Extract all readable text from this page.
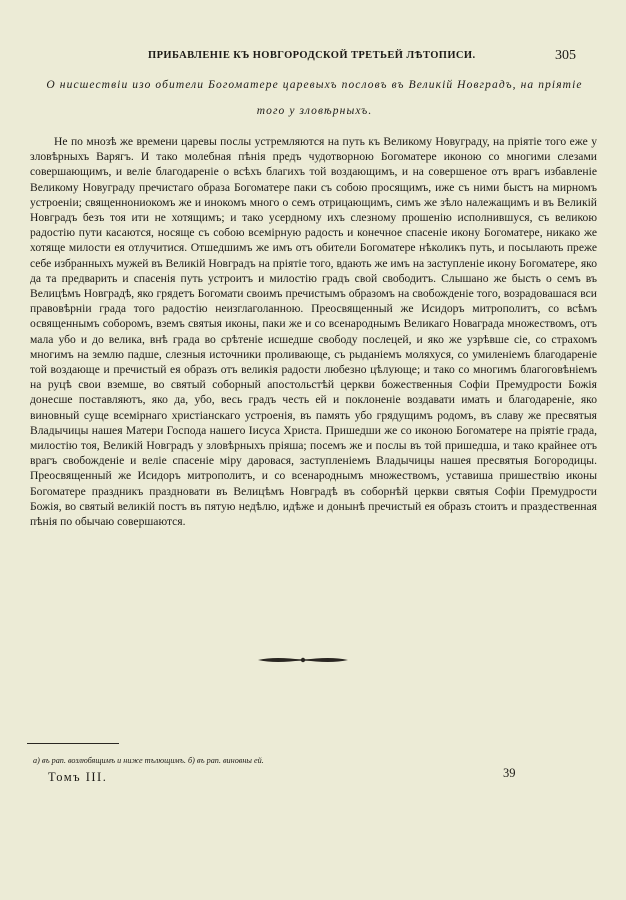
ПРИБАВЛЕНІЕ КЪ НОВГОРОДСКОЙ ТРЕТЬЕЙ ЛѢТОПИСИ.	305
О нисшествіи изо обители Богоматере царевыхъ пословъ въ Великій Новградъ, на пріятіе того у зловѣрныхъ.

Не по мнозѣ же времени царевы послы устремляются на путь къ Великому Новуграду, на пріятіе того еже у зловѣрныхъ Варягъ. И тако молебная пѣнія предъ чудотворною Богоматере иконою со многими слезами совершающимъ, и веліе благодареніе о всѣхъ благихъ той воздающимъ, и на совершеное отъ врагъ избавленіе Великому Новуграду пречистаго образа Богоматере паки съ собою просящимъ, иже съ ними быстъ на мирномъ устроеніи; священнониокомъ же и инокомъ много о семъ отрицающимъ, симъ же зѣло належащимъ и въ Великій Новградъ безъ тоя ити не хотящимъ; и тако усердному ихъ слезному прошенію исполнившуся, съ великою радостію пути касаются, носяще съ собою всемірную радость и конечное спасеніе икону Богоматере, никако же хотящe милости ея отлучитися. Отшедшимъ же имъ отъ обители Богоматере нѣколикъ путь, и посылають преже себе избранныхъ мужей въ Великій Новградъ на пріятіе того, вдають же имъ на заступленіе икону Богоматере, яко да та предварить и спасенія путь устроитъ и милостію градъ свой свободитъ. Слышано же бысть о семъ въ Велицѣмъ Новградѣ, яко грядетъ Богомати своимъ пречистымъ образомъ на свобожденіе того, возрадовашася вси правовѣрніи града того радостію неизглаголанною. Преосвященный же Исидоръ митрополитъ, со всѣмъ освященнымъ соборомъ, вземъ святыя иконы, паки же и со всенароднымъ Великаго Новаграда множествомъ, отъ мала убо и до велика, внѣ града во срѣтеніе исшедше свободу послецей, и яко же узрѣвше сіе, со страхомъ многимъ на землю падше, слезныя источники проливающе, съ рыданіемъ моляхуся, со умиленіемъ благодареніе той воздающе и пречистый ея образъ отъ великія радости любезно цѣлующе; и тако со многимъ благоговѣніемъ на руцѣ свои вземше, во святый соборный апостольстѣй церкви божественныя Софіи Премудрости Божія донесше поставляютъ, яко да, убо, весь градъ честь ей и поклоненіе воздавати имать и благодареніе, яко виновный суще всемірнаго христіанскаго устроенія, въ память убо грядущимъ родомъ, въ славу же пресвятыя Владычицы нашея Матери Господа нашего Іисуса Христа. Пришедши же со иконою Богоматере на пріятіе града, милостію тоя, Великій Новградъ у зловѣрныхъ пріяша; посемъ же и послы въ той пришедша, и тако крайнее отъ врагъ свобожденіе и веліе спасеніе міру даровася, заступленіемъ Владычицы нашея пресвятыя Богородицы. Преосвященный же Исидоръ митрополитъ, и со всенароднымъ множествомъ, уставиша пришествію иконы Богоматере праздникъ праздновати въ Велицѣмъ Новградѣ въ соборнѣй церкви святыя Софіи Премудрости Божія, во святый великій постъ въ пятую недѣлю, идѣже и донынѣ пречистый ея образъ стоитъ и праздественная пѣнія по обычаю совершаются.

а) въ рап. возлюбящимъ и ниже тълющимъ. б) въ рап. виновны ей.
Томъ III.	39
